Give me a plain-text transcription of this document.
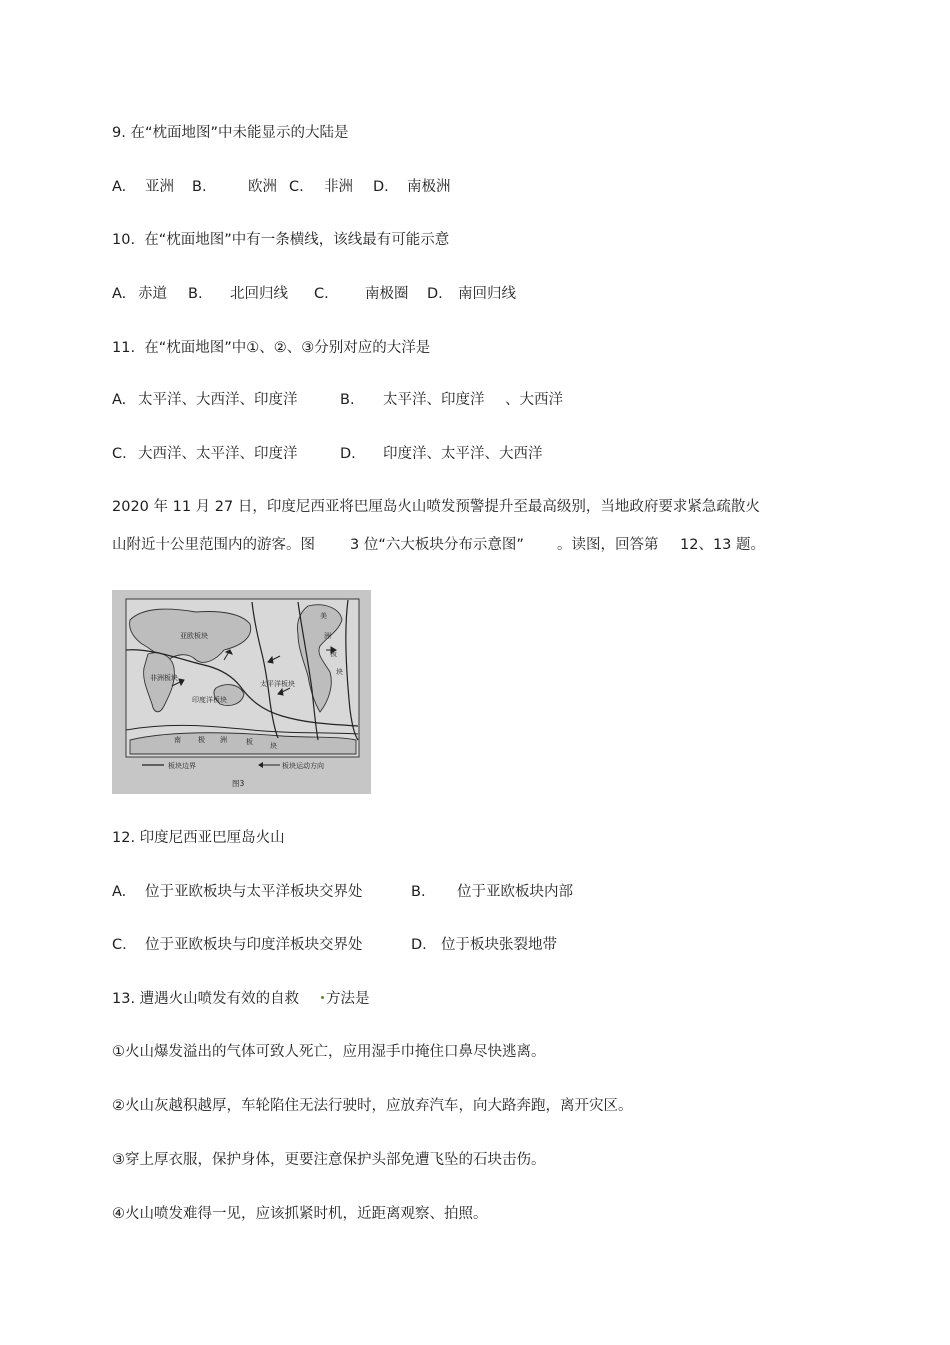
9. 在“枕面地图”中未能显示的大陆是
A. 亚洲 B.	欧洲 C. 非洲 D. 南极洲
10.  在“枕面地图”中有一条横线，该线最有可能示意
A. 赤道 B. 北回归线 C.	南极圈 D. 南回归线
11.  在“枕面地图”中①、②、③分别对应的大洋是
A. 太平洋、大西洋、印度洋	B. 太平洋、印度洋 、大西洋
C. 大西洋、太平洋、印度洋	D. 印度洋、太平洋、大西洋
2020 年 11 月 27 日，印度尼西亚将巴厘岛火山喷发预警提升至最高级别，当地政府要求紧急疏散火
山附近十公里范围内的游客。图 3 位“六大板块分布示意图” 。读图，回答第 12、13 题。
亚欧板块
太平洋板块
美
洲
板
块
非洲板块
印度洋板块
南 极 洲	板 块
板块边界	板块运动方向
图3
12. 印度尼西亚巴厘岛火山
A. 位于亚欧板块与太平洋板块交界处	B. 位于亚欧板块内部
C. 位于亚欧板块与印度洋板块交界处	D. 位于板块张裂地带
13. 遭遇火山喷发有效的自救 方法是
①火山爆发溢出的气体可致人死亡，应用湿手巾掩住口鼻尽快逃离。
②火山灰越积越厚，车轮陷住无法行驶时，应放弃汽车，向大路奔跑，离开灾区。
③穿上厚衣服，保护身体，更要注意保护头部免遭飞坠的石块击伤。
④火山喷发难得一见，应该抓紧时机，近距离观察、拍照。
